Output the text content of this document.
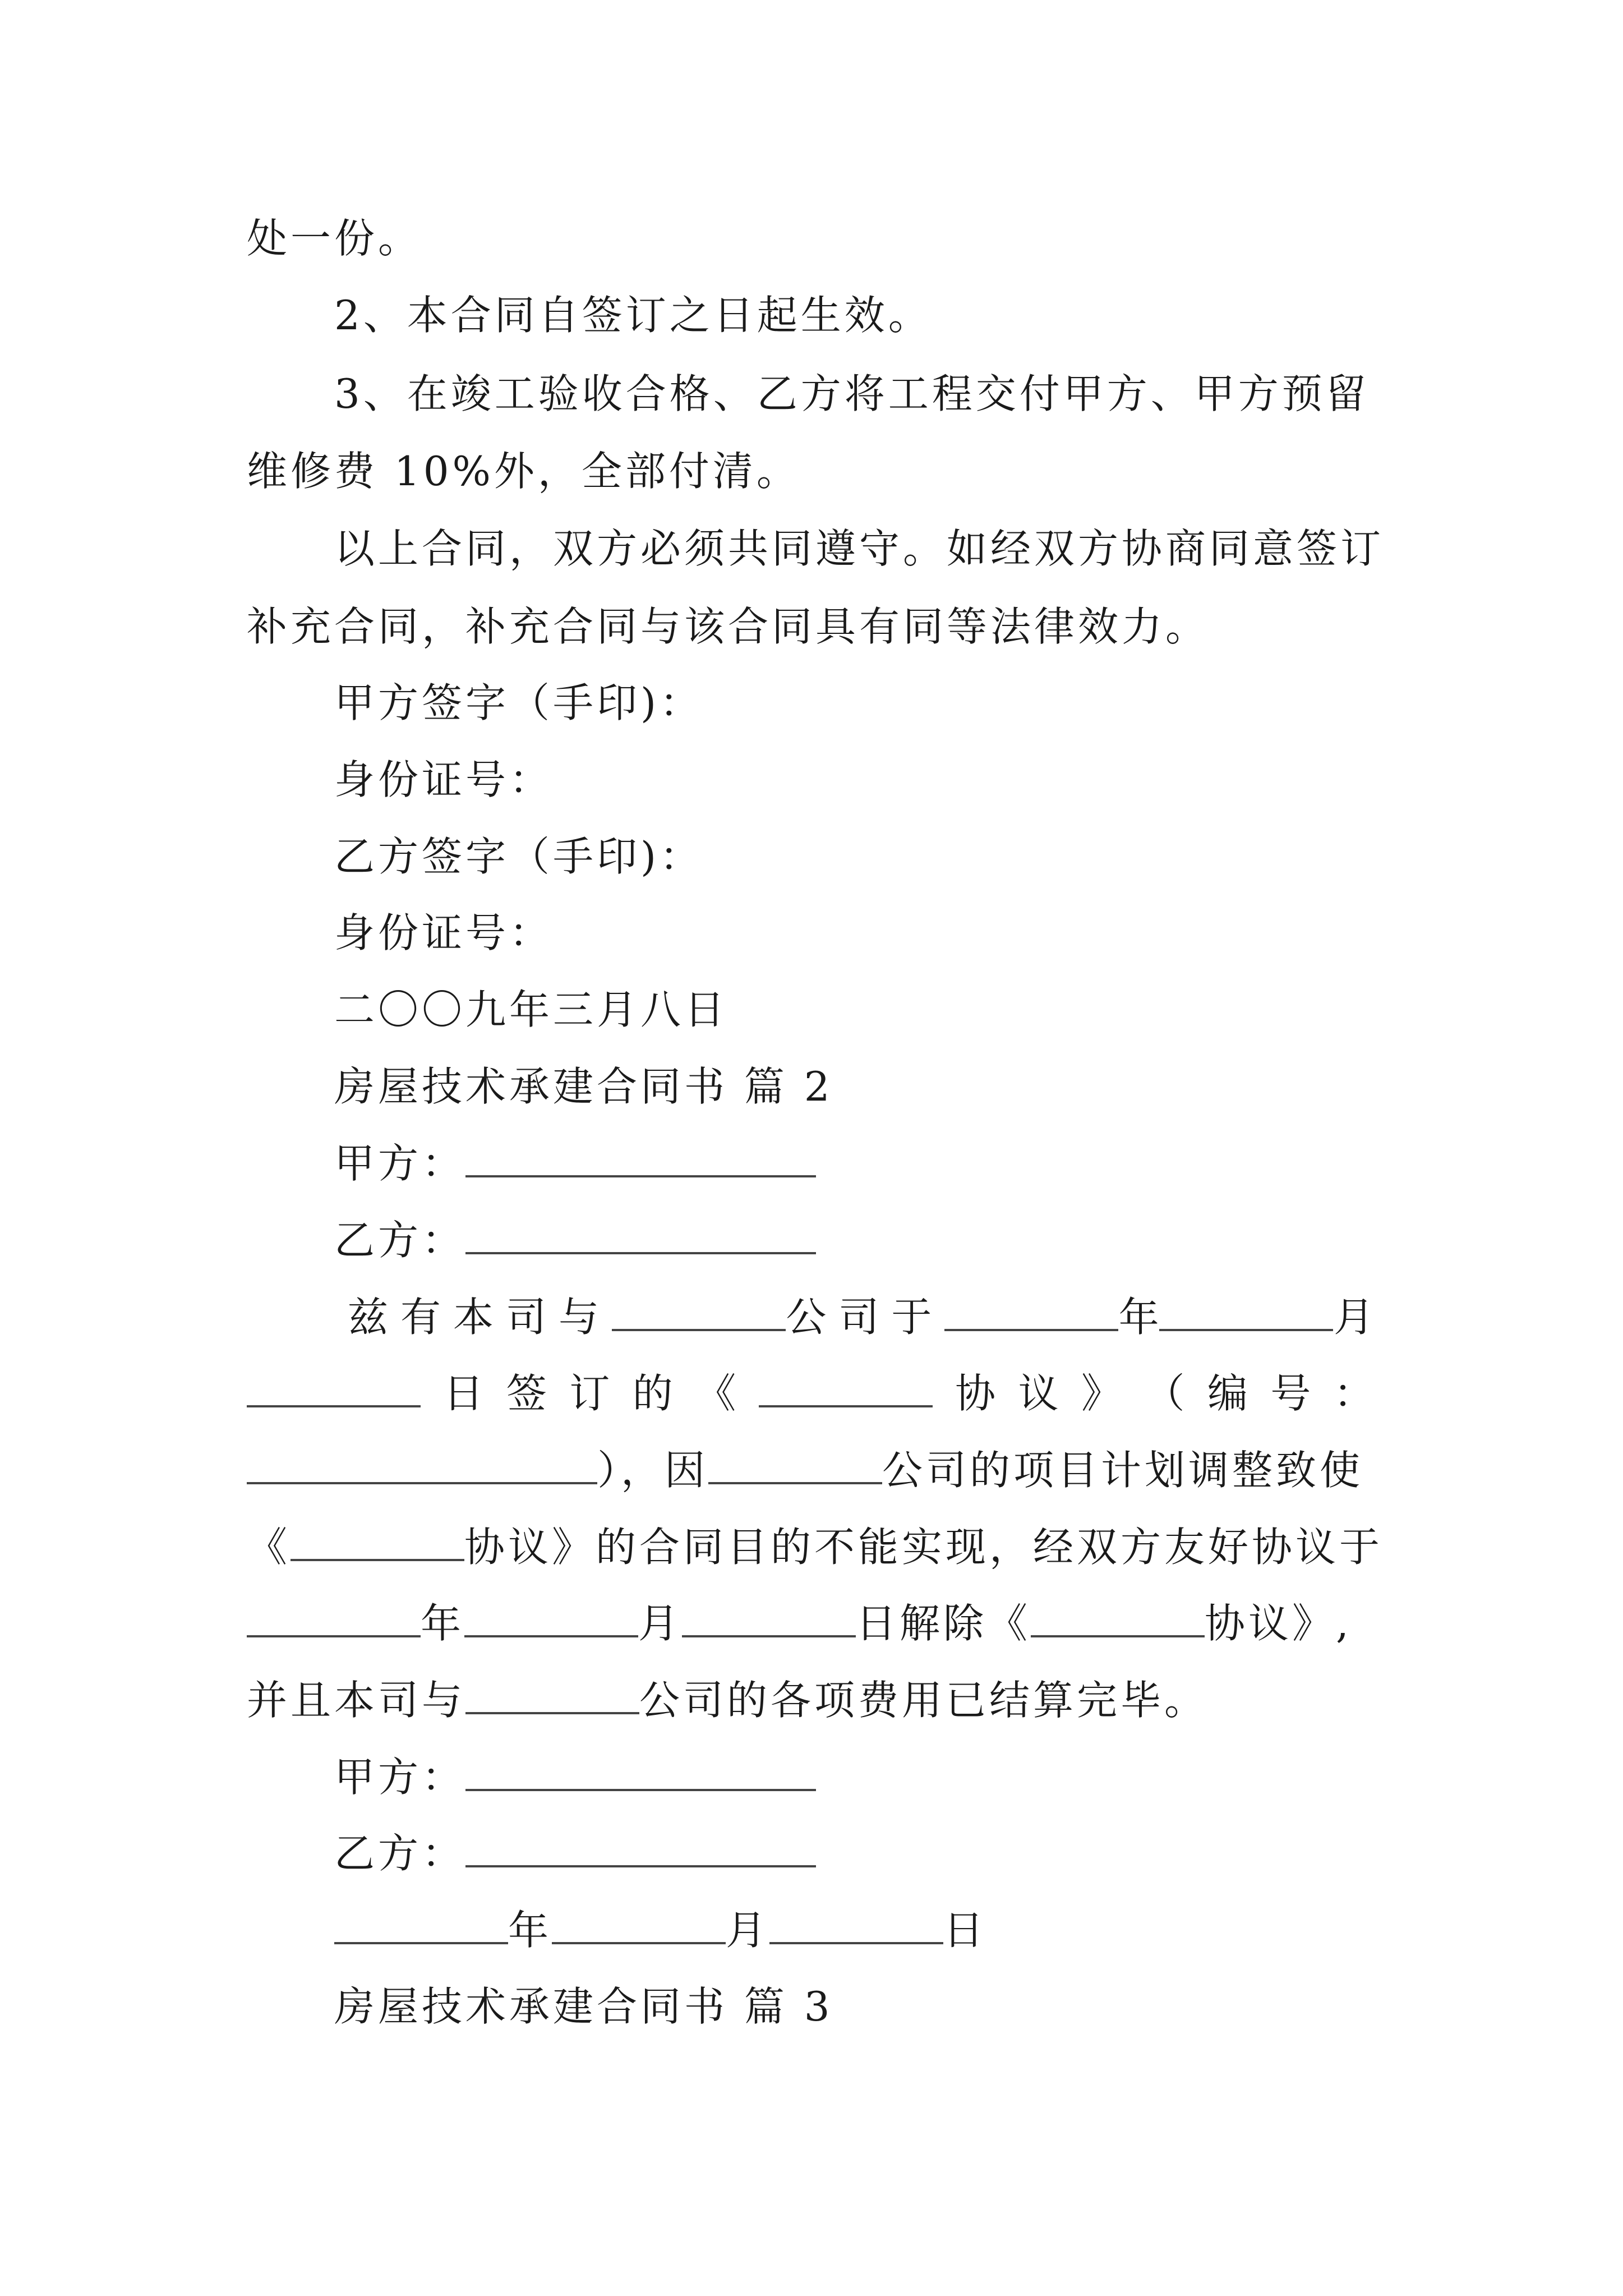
处一份。
2、本合同自签订之日起生效。
3、在竣工验收合格、乙方将工程交付甲方、甲方预留
维修费 10%外，全部付清。
以上合同，双方必须共同遵守。如经双方协商同意签订
补充合同，补充合同与该合同具有同等法律效力。
甲方签字（手印)：
身份证号：
乙方签字（手印)：
身份证号：
二〇〇九年三月八日
房屋技术承建合同书 篇 2
甲方：
乙方：
兹有本司与	公司于	年	月
日 签 订 的 《	协 议 》 （ 编 号 ：
），因	公司的项目计划调整致使
《	协议》的合同目的不能实现，经双方友好协议于
年	月	日解除《	协议》,
并且本司与	公司的各项费用已结算完毕。
甲方：
乙方：
年	月	日
房屋技术承建合同书 篇 3
